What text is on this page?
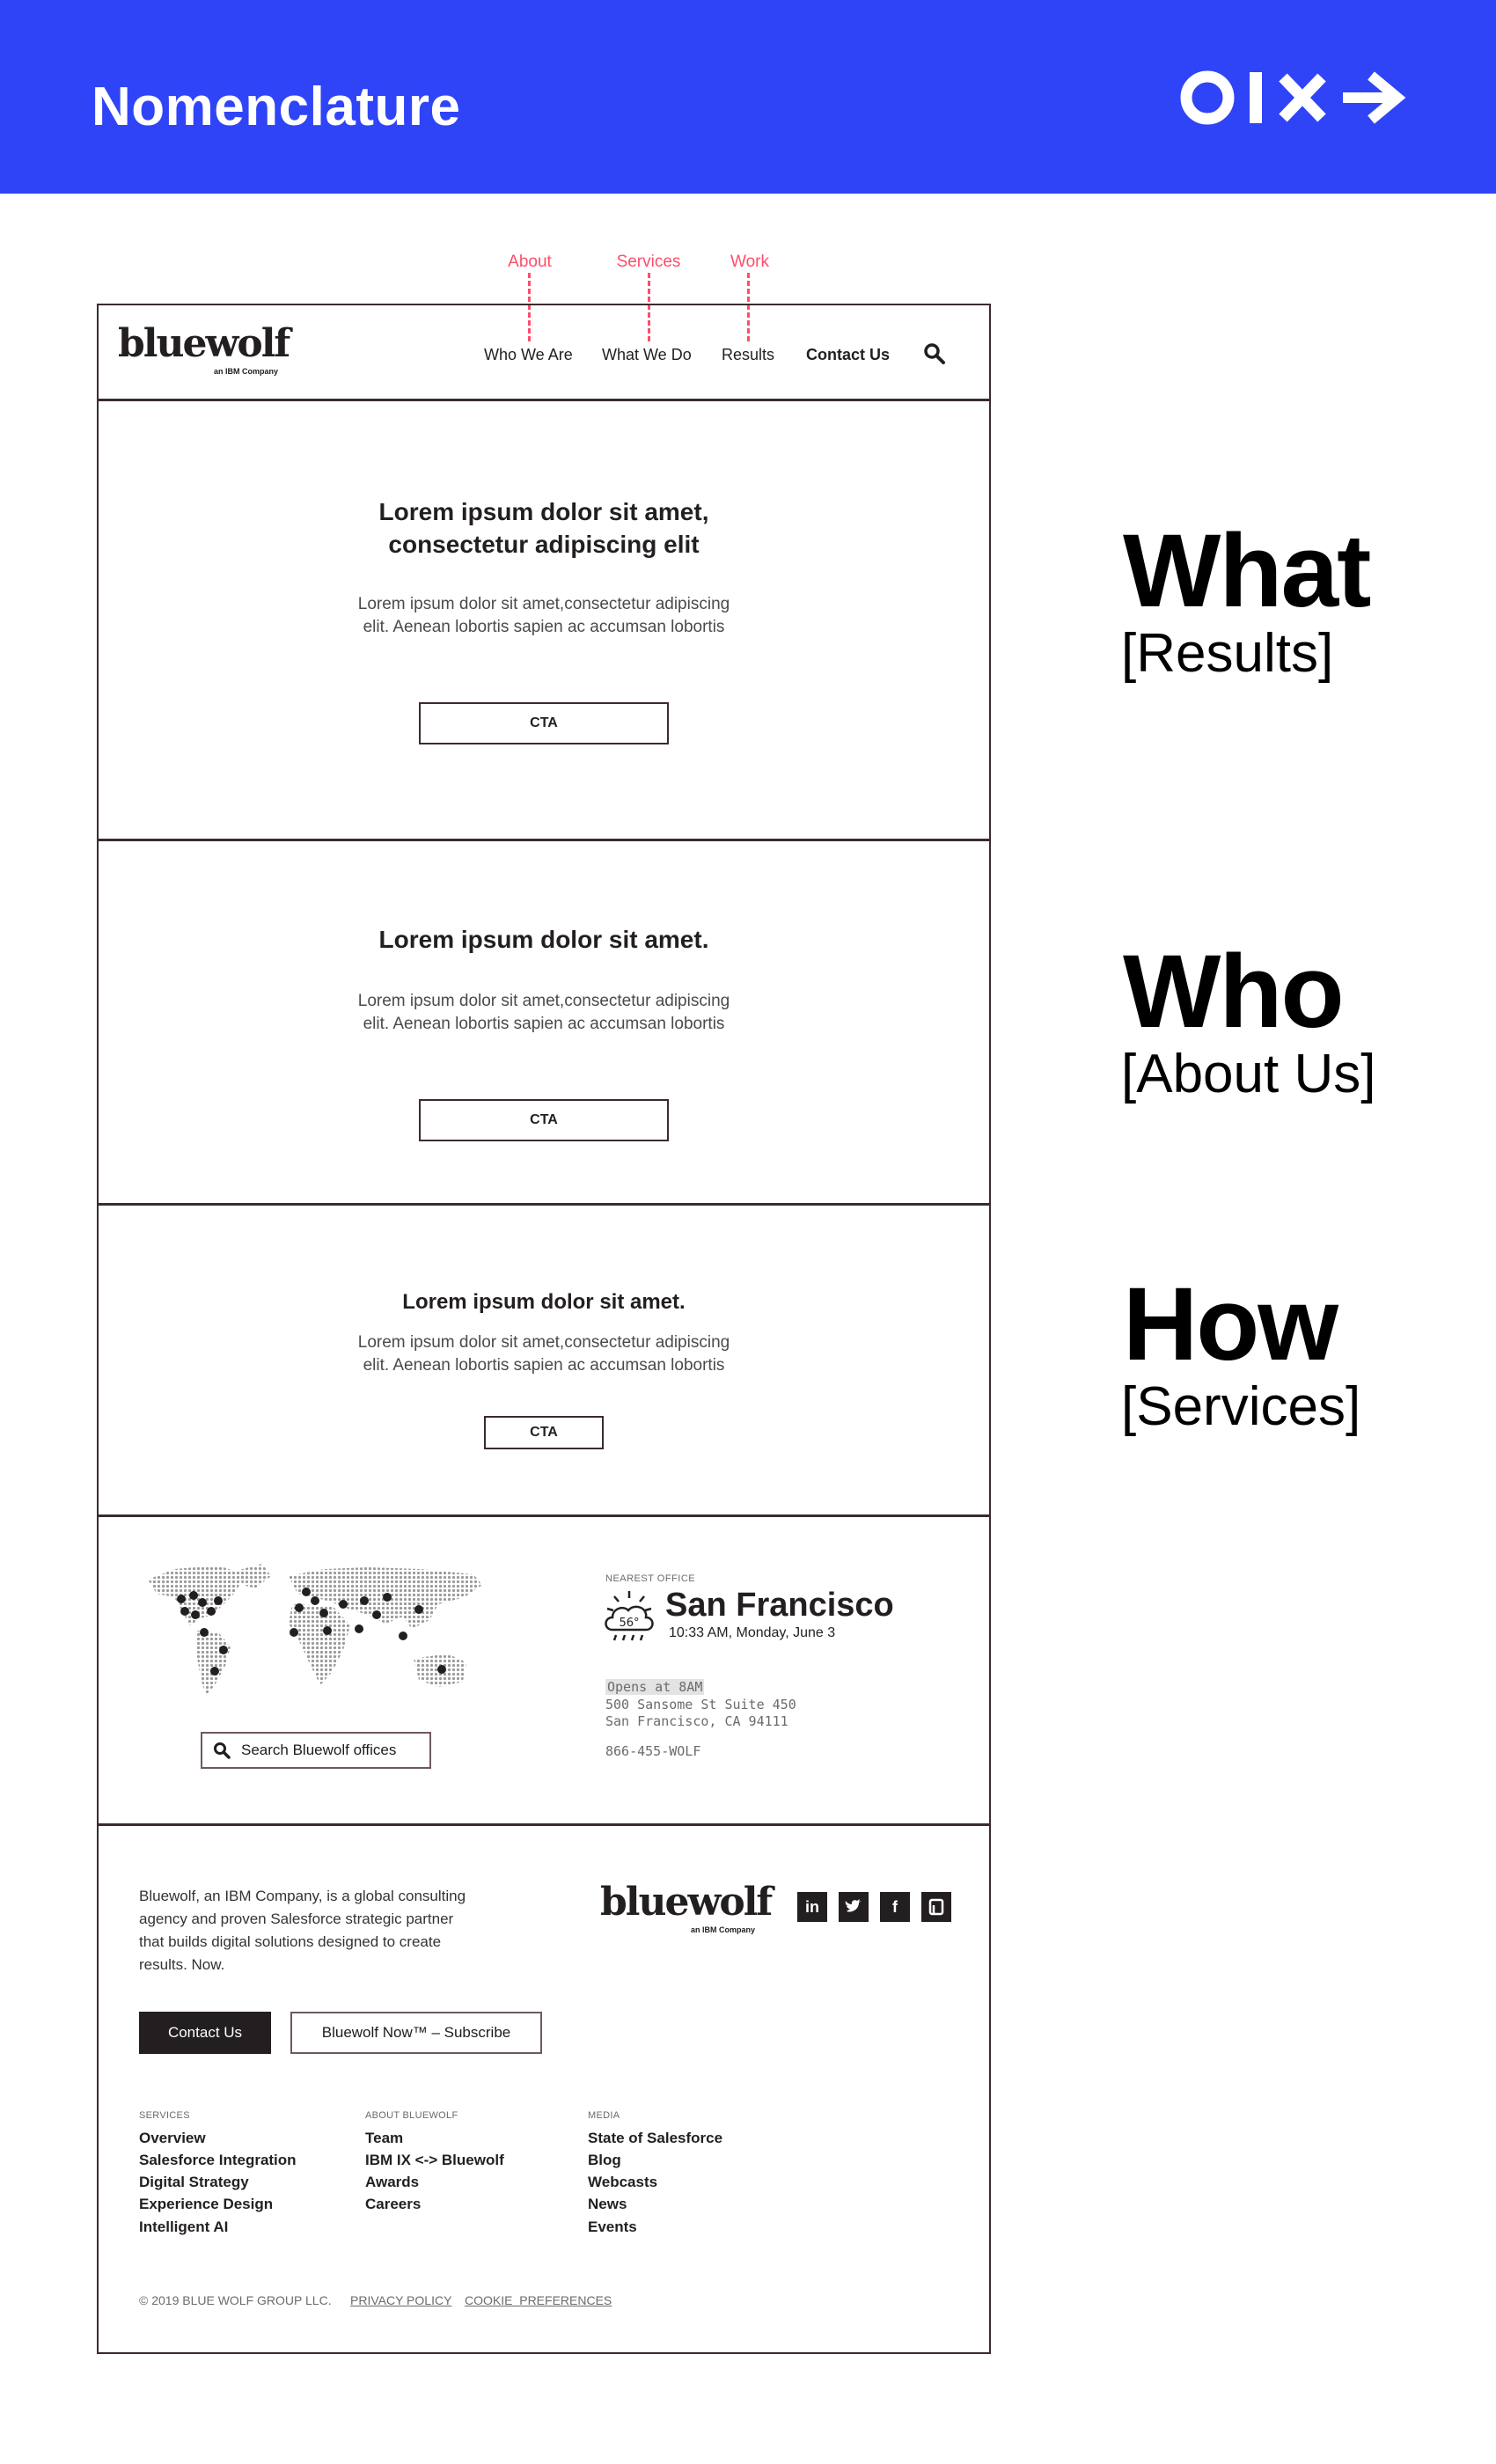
Nomenclature
About	Services	Work
bluewolf
an IBM Company
Who We Are What We Do Results Contact Us
Lorem ipsum dolor sit amet,
consectetur adipiscing elit
Lorem ipsum dolor sit amet,consectetur adipiscing
elit. Aenean lobortis sapien ac accumsan lobortis
CTA
Lorem ipsum dolor sit amet.
Lorem ipsum dolor sit amet,consectetur adipiscing
elit. Aenean lobortis sapien ac accumsan lobortis
CTA
Lorem ipsum dolor sit amet.
Lorem ipsum dolor sit amet,consectetur adipiscing
elit. Aenean lobortis sapien ac accumsan lobortis
CTA
Search Bluewolf offices
NEAREST OFFICE
56° San Francisco
10:33 AM, Monday, June 3
Opens at 8AM
500 Sansome St Suite 450
San Francisco, CA 94111
866-455-WOLF
Bluewolf, an IBM Company, is a global consulting
agency and proven Salesforce strategic partner
that builds digital solutions designed to create
results. Now.
bluewolf
an IBM Company
in	f
Contact Us	Bluewolf Now™ – Subscribe
SERVICES
Overview
Salesforce Integration
Digital Strategy
Experience Design
Intelligent AI
ABOUT BLUEWOLF
Team
IBM IX <-> Bluewolf
Awards
Careers
MEDIA
State of Salesforce
Blog
Webcasts
News
Events
© 2019 BLUE WOLF GROUP LLC. PRIVACY POLICY COOKIE  PREFERENCES
What
[Results]
Who
[About Us]
How
[Services]
